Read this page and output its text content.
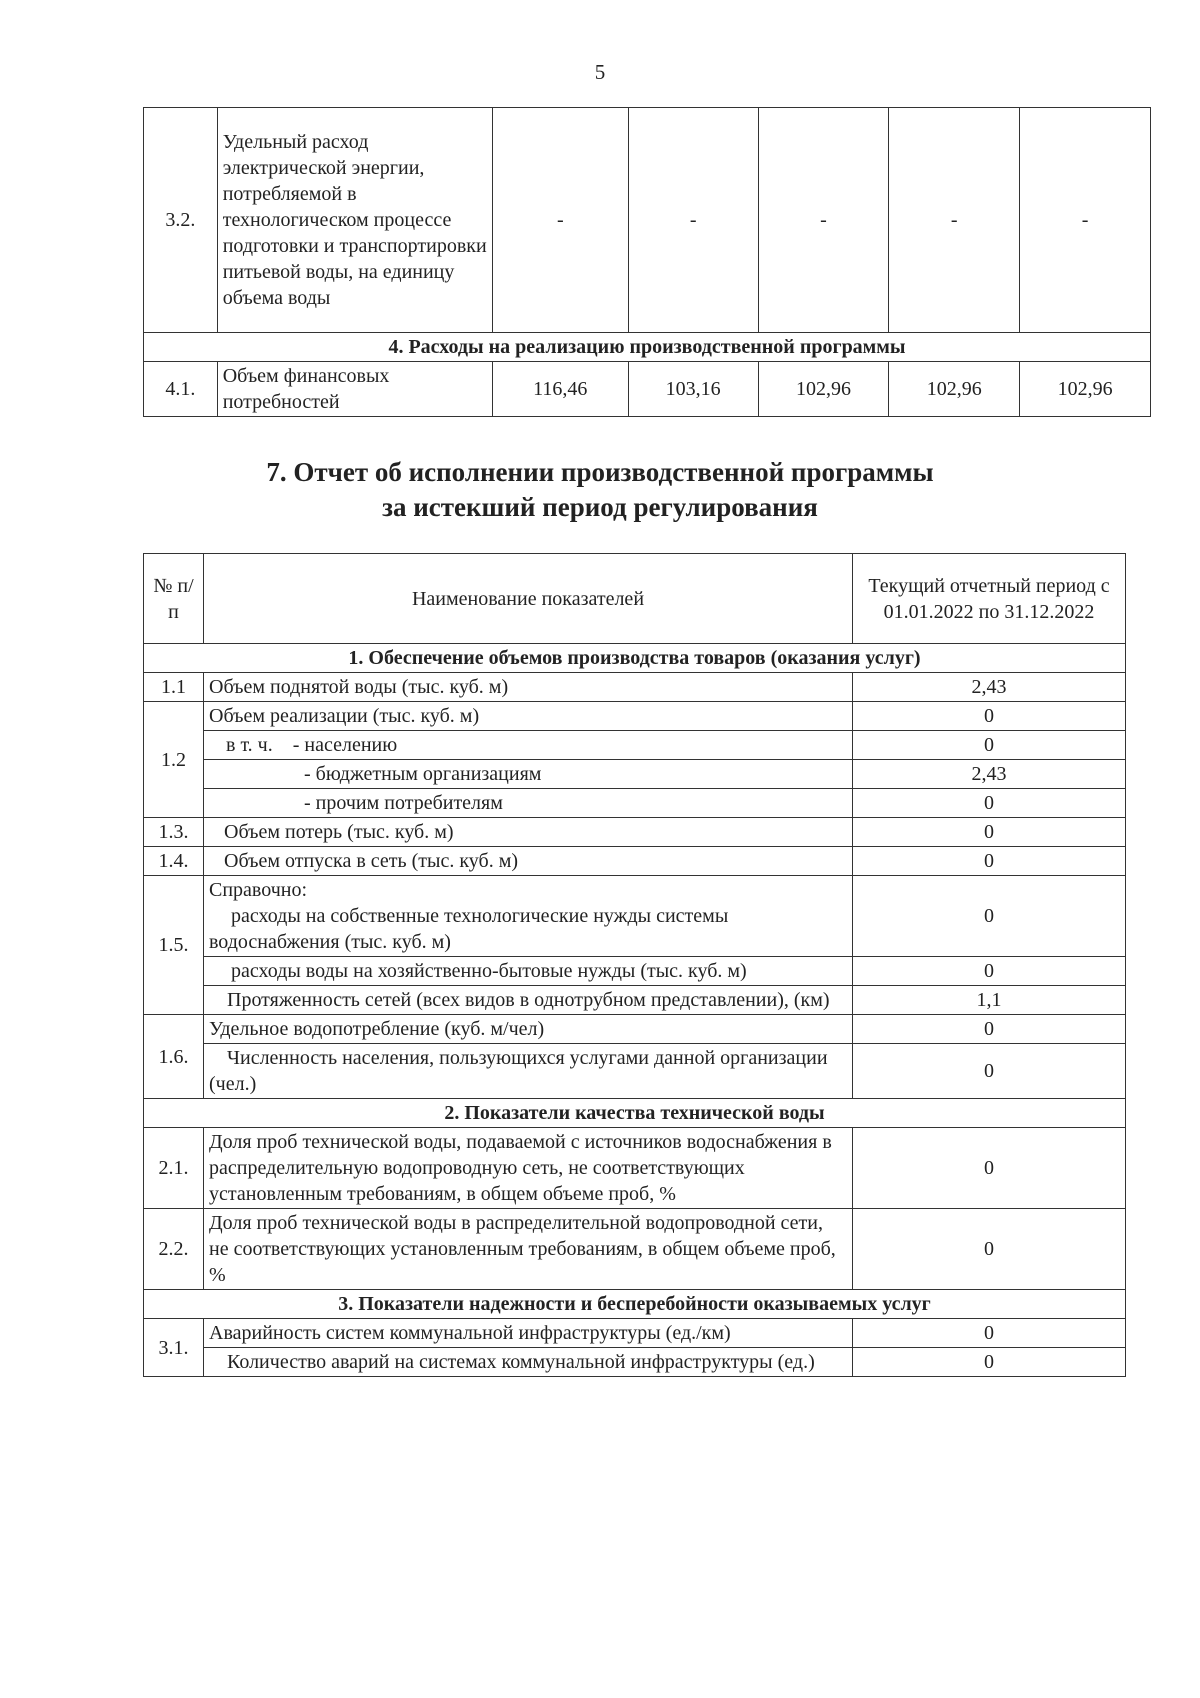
5
3.2.	Удельный расход электрической энергии, потребляемой в технологическом процессе подготовки и транспортировки питьевой воды, на единицу объема воды	-	-	-	-	-
4. Расходы на реализацию производственной программы						
4.1.	Объем финансовых потребностей	116,46	103,16	102,96	102,96	102,96
7. Отчет об исполнении производственной программы
за истекший период регулирования
№ п/п	Наименование показателей	Текущий отчетный период с 01.01.2022 по 31.12.2022
1. Обеспечение объемов производства товаров (оказания услуг)		
1.1	Объем поднятой воды (тыс. куб. м)	2,43
1.2	Объем реализации (тыс. куб. м)	0
	в т. ч.    - населению	0
	- бюджетным организациям	2,43
	- прочим потребителям	0
1.3.	Объем потерь (тыс. куб. м)	0
1.4.	Объем отпуска в сеть (тыс. куб. м)	0
1.5.	Справочно:
расходы на собственные технологические нужды системы водоснабжения (тыс. куб. м)	0
	расходы воды на хозяйственно-бытовые нужды (тыс. куб. м)	0
	Протяженность сетей (всех видов в однотрубном представлении), (км)	1,1
1.6.	Удельное водопотребление (куб. м/чел)	0
	Численность населения, пользующихся услугами данной организации (чел.)	0
2. Показатели качества технической воды		
2.1.	Доля проб технической воды, подаваемой с источников водоснабжения в распределительную водопроводную сеть, не соответствующих установленным требованиям, в общем объеме проб, %	0
2.2.	Доля проб технической воды в распределительной водопроводной сети, не соответствующих установленным требованиям, в общем объеме проб, %	0
3. Показатели надежности и бесперебойности оказываемых услуг		
3.1.	Аварийность систем коммунальной инфраструктуры (ед./км)	0
	Количество аварий на системах коммунальной инфраструктуры (ед.)	0
